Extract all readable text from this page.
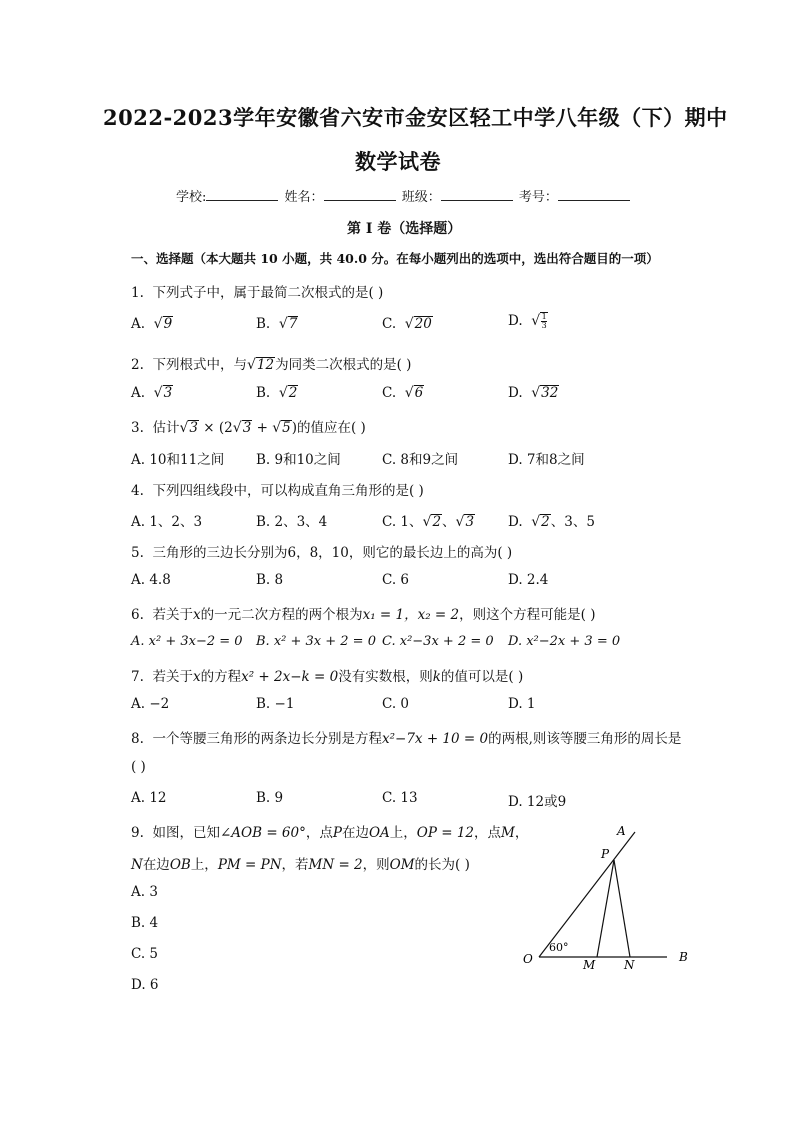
2022-2023学年安徽省六安市金安区轻工中学八年级（下）期中
数学试卷
学校:	姓名：	班级：	考号：
第 I 卷（选择题）
一、选择题（本大题共 10 小题，共 40.0 分。在每小题列出的选项中，选出符合题目的一项）
1. 下列式子中，属于最简二次根式的是( )
A. √9	B. √7	C. √20	D. √ $\frac{1}{3}$
2. 下列根式中，与√12为同类二次根式的是( )
A. √3	B. √2	C. √6	D. √32
3. 估计√3 × (2√3 + √5)的值应在( )
A. 10和11之间 B. 9和10之间	C. 8和9之间	D. 7和8之间
4. 下列四组线段中，可以构成直角三角形的是( )
A. 1、2、3	B. 2、3、4	C. 1、√2、√3	D. √2、3、5
5. 三角形的三边长分别为6，8，10，则它的最长边上的高为( )
A. 4.8	B. 8	C. 6	D. 2.4
6. 若关于x的一元二次方程的两个根为x₁ = 1，x₂ = 2，则这个方程可能是( )
A. x² + 3x−2 = 0 B. x² + 3x + 2 = 0 C. x²−3x + 2 = 0 D. x²−2x + 3 = 0
7. 若关于x的方程x² + 2x−k = 0没有实数根，则k的值可以是( )
A. −2	B. −1	C. 0	D. 1
8. 一个等腰三角形的两条边长分别是方程x²−7x + 10 = 0的两根,则该等腰三角形的周长是
( )
A. 12	B. 9	C. 13	D. 12或9
9. 如图，已知∠AOB = 60°，点P在边OA上，OP = 12，点M，
N在边OB上，PM = PN，若MN = 2，则OM的长为( )
A. 3
B. 4
C. 5
D. 6
A
B
O
P
M N
60°
